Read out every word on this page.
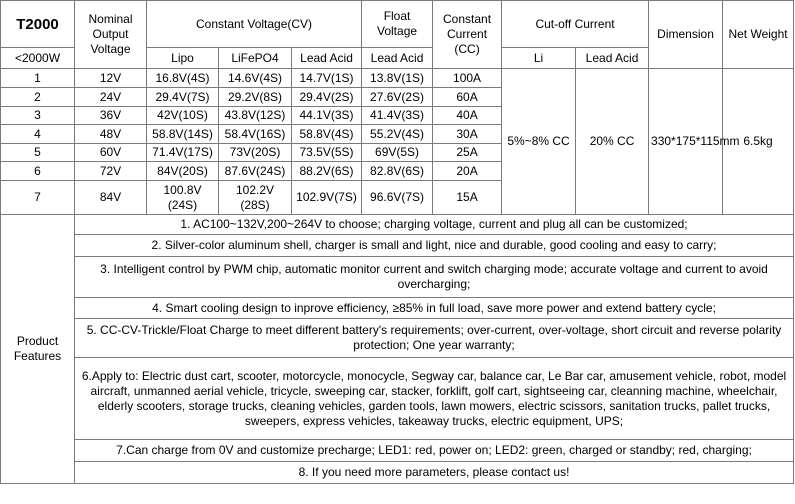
T2000	Nominal Output Voltage	Constant Voltage(CV)			Float Voltage	Constant Current (CC)	Cut-off Current		Dimension	Net Weight
<2000W		Lipo	LiFePO4	Lead Acid	Lead Acid		Li	Lead Acid		
1	12V	16.8V(4S)	14.6V(4S)	14.7V(1S)	13.8V(1S)	100A	5%~8% CC	20% CC	330*175*115mm	6.5kg
2	24V	29.4V(7S)	29.2V(8S)	29.4V(2S)	27.6V(2S)	60A				
3	36V	42V(10S)	43.8V(12S)	44.1V(3S)	41.4V(3S)	40A				
4	48V	58.8V(14S)	58.4V(16S)	58.8V(4S)	55.2V(4S)	30A				
5	60V	71.4V(17S)	73V(20S)	73.5V(5S)	69V(5S)	25A				
6	72V	84V(20S)	87.6V(24S)	88.2V(6S)	82.8V(6S)	20A				
7	84V	100.8V (24S)	102.2V (28S)	102.9V(7S)	96.6V(7S)	15A				
Product Features	1. AC100~132V,200~264V to choose; charging voltage, current and plug all can be customized;									
	2. Silver-color aluminum shell, charger is small and light, nice and durable, good cooling and easy to carry;									
	3. Intelligent control by PWM chip, automatic monitor current and switch charging mode; accurate voltage and current to avoid overcharging;									
	4. Smart cooling design to inprove efficiency, ≥85% in full load, save more power and extend battery cycle;									
	5. CC-CV-Trickle/Float Charge to meet different battery's requirements; over-current, over-voltage, short circuit and reverse polarity protection; One year warranty;									
	6.Apply to: Electric dust cart, scooter, motorcycle, monocycle, Segway car, balance car, Le Bar car, amusement vehicle, robot, model aircraft, unmanned aerial vehicle, tricycle, sweeping car, stacker, forklift, golf cart, sightseeing car, cleanning machine, wheelchair, elderly scooters, storage trucks, cleaning vehicles, garden tools, lawn mowers, electric scissors, sanitation trucks, pallet trucks, sweepers, express vehicles, takeaway trucks, electric equipment, UPS;									
	7.Can charge from 0V and customize precharge; LED1: red, power on; LED2: green, charged or standby; red, charging;									
	8. If you need more parameters, please contact us!									
